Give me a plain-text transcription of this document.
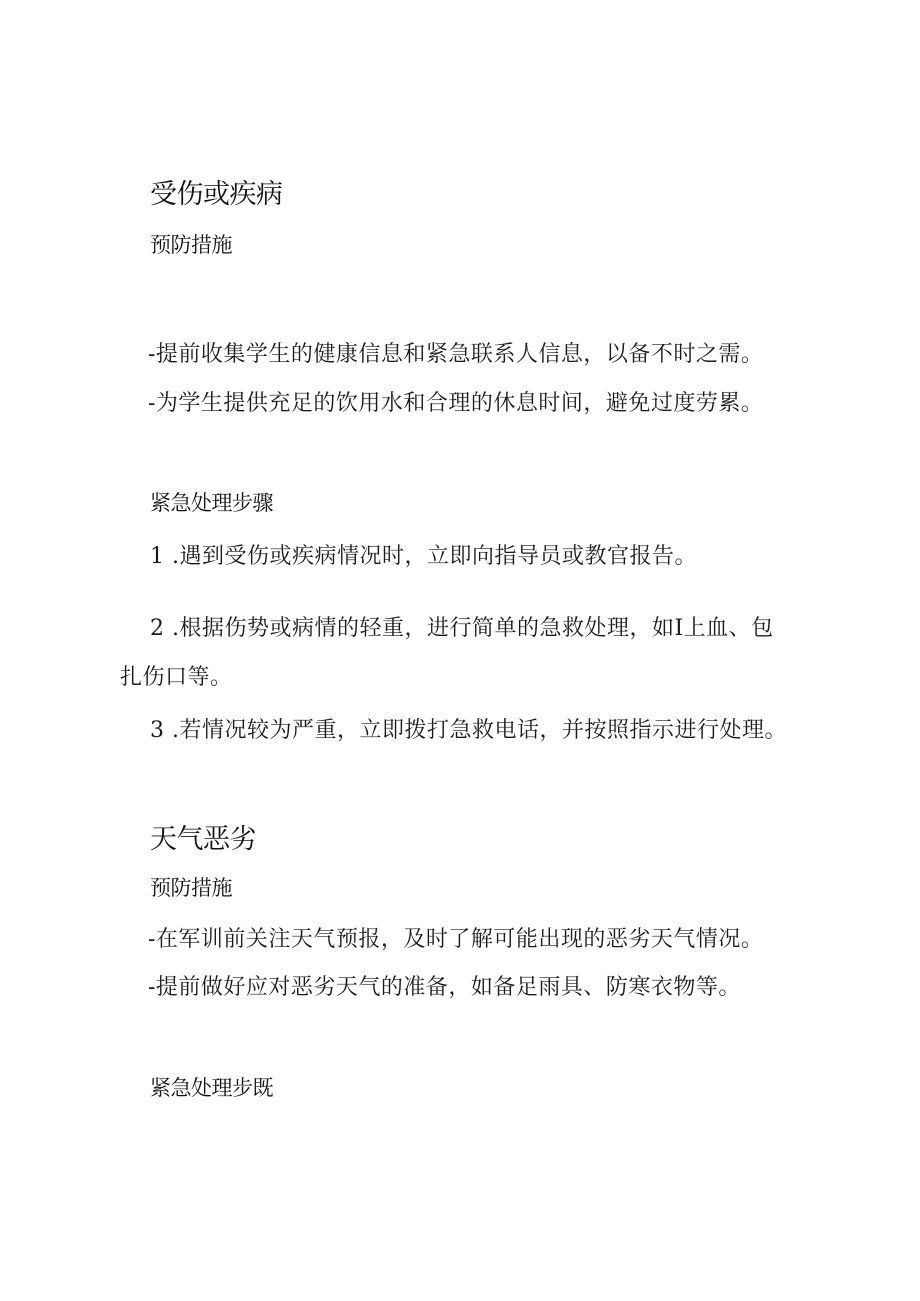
受伤或疾病
预防措施
-提前收集学生的健康信息和紧急联系人信息，以备不时之需。
-为学生提供充足的饮用水和合理的休息时间，避免过度劳累。
紧急处理步骤
1 .遇到受伤或疾病情况时，立即向指导员或教官报告。
2 .根据伤势或病情的轻重，进行简单的急救处理，如I上血、包
扎伤口等。
3 .若情况较为严重，立即拨打急救电话，并按照指示进行处理。
天气恶劣
预防措施
-在军训前关注天气预报，及时了解可能出现的恶劣天气情况。
-提前做好应对恶劣天气的准备，如备足雨具、防寒衣物等。
紧急处理步既
